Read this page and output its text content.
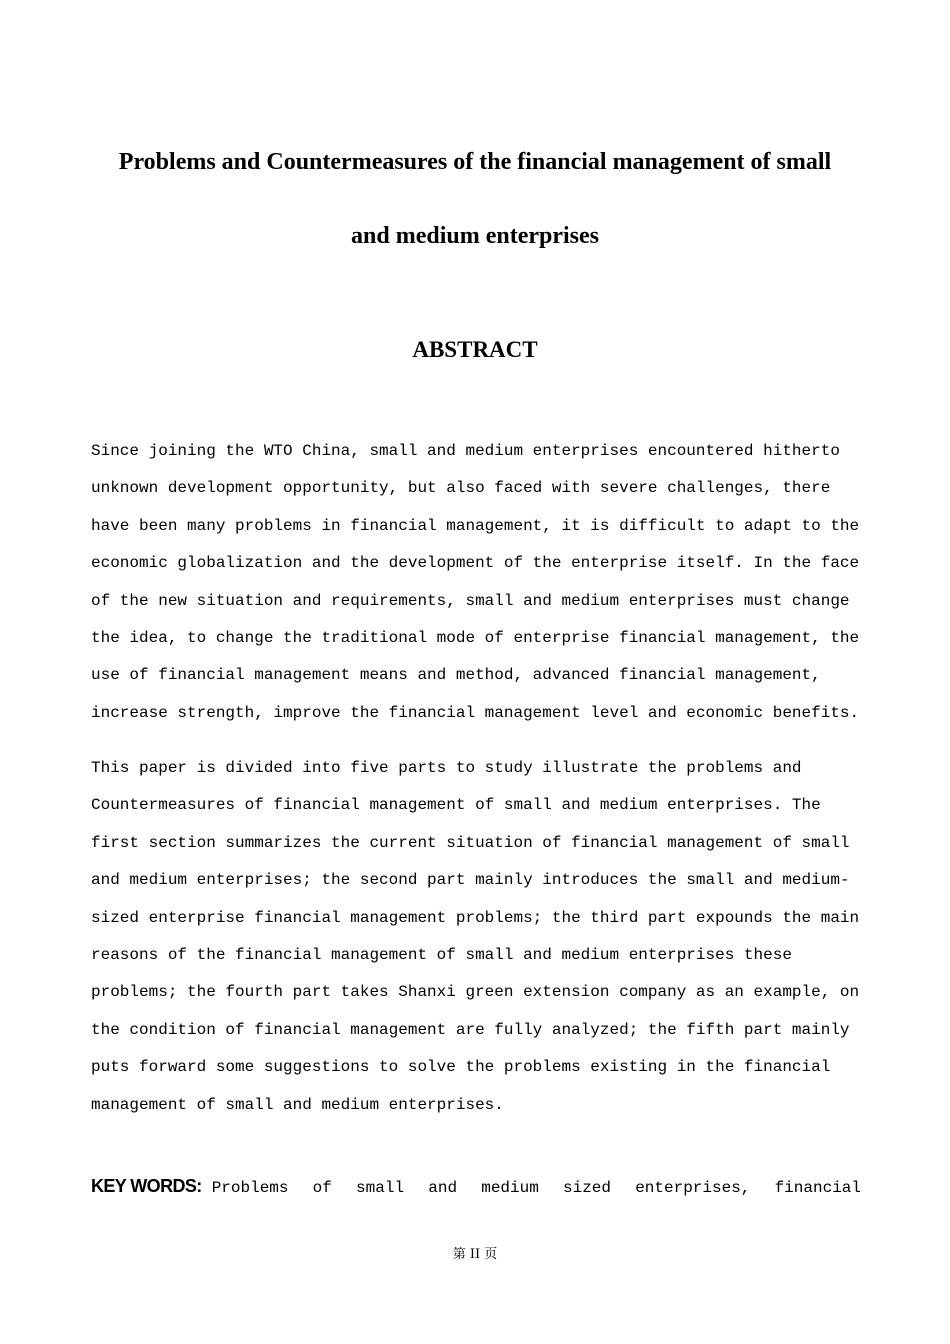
Problems and Countermeasures of the financial management of small
and medium enterprises
ABSTRACT
Since joining the WTO China, small and medium enterprises encountered hitherto
unknown development opportunity, but also faced with severe challenges, there
have been many problems in financial management, it is difficult to adapt to the
economic globalization and the development of the enterprise itself. In the face
of the new situation and requirements, small and medium enterprises must change
the idea, to change the traditional mode of enterprise financial management, the
use of financial management means and method, advanced financial management,
increase strength, improve the financial management level and economic benefits.
This paper is divided into five parts to study illustrate the problems and
Countermeasures of financial management of small and medium enterprises. The
first section summarizes the current situation of financial management of small
and medium enterprises; the second part mainly introduces the small and medium-
sized enterprise financial management problems; the third part expounds the main
reasons of the financial management of small and medium enterprises these
problems; the fourth part takes Shanxi green extension company as an example, on
the condition of financial management are fully analyzed; the fifth part mainly
puts forward some suggestions to solve the problems existing in the financial
management of small and medium enterprises.
KEY WORDS: Problems of small and medium sized enterprises, financial
第 II 页
